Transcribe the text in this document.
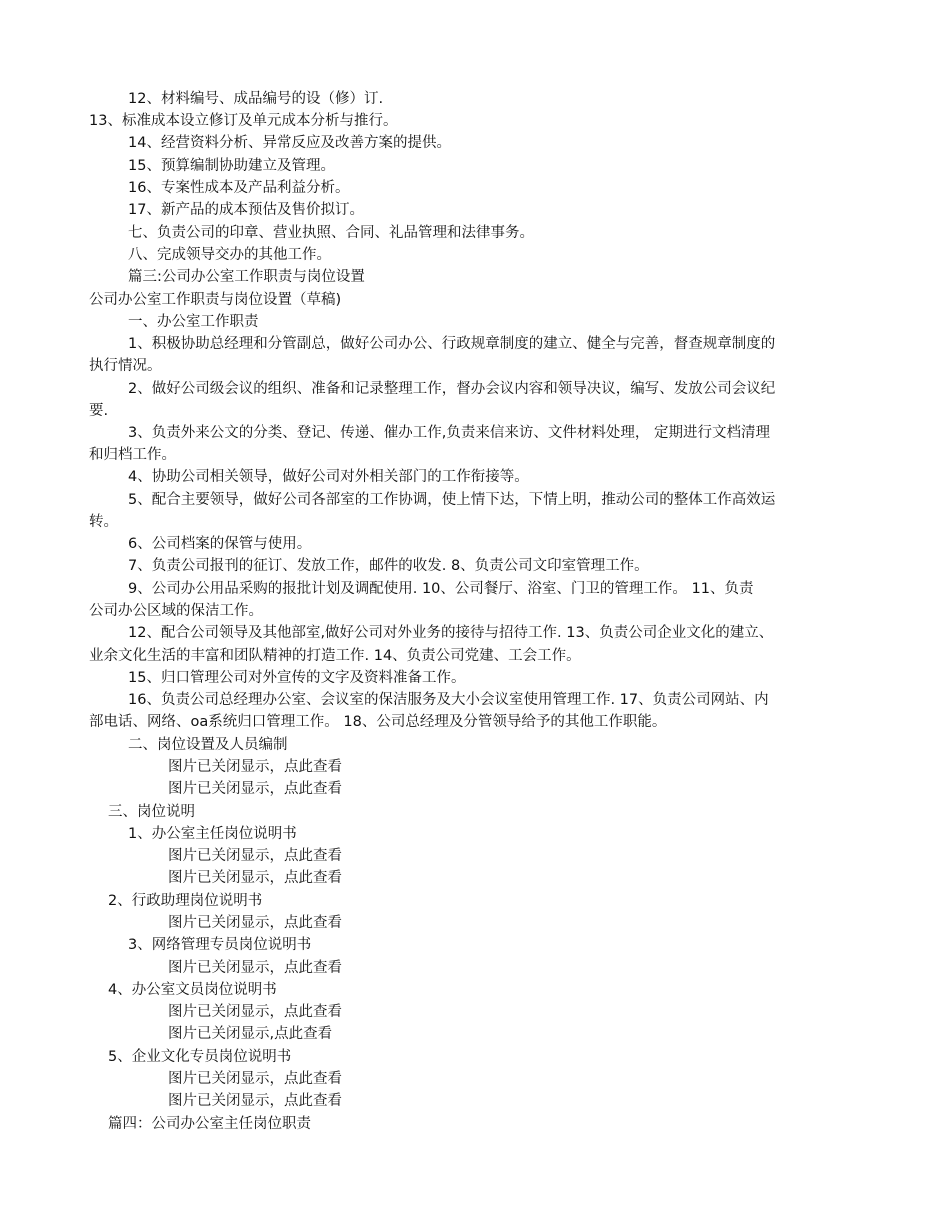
12、材料编号、成品编号的设（修）订.
13、标准成本设立修订及单元成本分析与推行。
14、经营资料分析、异常反应及改善方案的提供。
15、预算编制协助建立及管理。
16、专案性成本及产品利益分析。
17、新产品的成本预估及售价拟订。
七、负责公司的印章、营业执照、合同、礼品管理和法律事务。
八、完成领导交办的其他工作。
篇三:公司办公室工作职责与岗位设置
公司办公室工作职责与岗位设置（草稿)
一、办公室工作职责
1、积极协助总经理和分管副总，做好公司办公、行政规章制度的建立、健全与完善，督查规章制度的
执行情况。
2、做好公司级会议的组织、准备和记录整理工作，督办会议内容和领导决议，编写、发放公司会议纪
要.
3、负责外来公文的分类、登记、传递、催办工作,负责来信来访、文件材料处理， 定期进行文档清理
和归档工作。
4、协助公司相关领导，做好公司对外相关部门的工作衔接等。
5、配合主要领导，做好公司各部室的工作协调，使上情下达，下情上明，推动公司的整体工作高效运
转。
6、公司档案的保管与使用。
7、负责公司报刊的征订、发放工作，邮件的收发. 8、负责公司文印室管理工作。
9、公司办公用品采购的报批计划及调配使用. 10、公司餐厅、浴室、门卫的管理工作。 11、负责
公司办公区域的保洁工作。
12、配合公司领导及其他部室,做好公司对外业务的接待与招待工作. 13、负责公司企业文化的建立、
业余文化生活的丰富和团队精神的打造工作. 14、负责公司党建、工会工作。
15、归口管理公司对外宣传的文字及资料准备工作。
16、负责公司总经理办公室、会议室的保洁服务及大小会议室使用管理工作. 17、负责公司网站、内
部电话、网络、oa系统归口管理工作。 18、公司总经理及分管领导给予的其他工作职能。
二、岗位设置及人员编制
图片已关闭显示，点此查看
图片已关闭显示，点此查看
三、岗位说明
1、办公室主任岗位说明书
图片已关闭显示，点此查看
图片已关闭显示，点此查看
2、行政助理岗位说明书
图片已关闭显示，点此查看
3、网络管理专员岗位说明书
图片已关闭显示，点此查看
4、办公室文员岗位说明书
图片已关闭显示，点此查看
图片已关闭显示,点此查看
5、企业文化专员岗位说明书
图片已关闭显示，点此查看
图片已关闭显示，点此查看
篇四：公司办公室主任岗位职责
